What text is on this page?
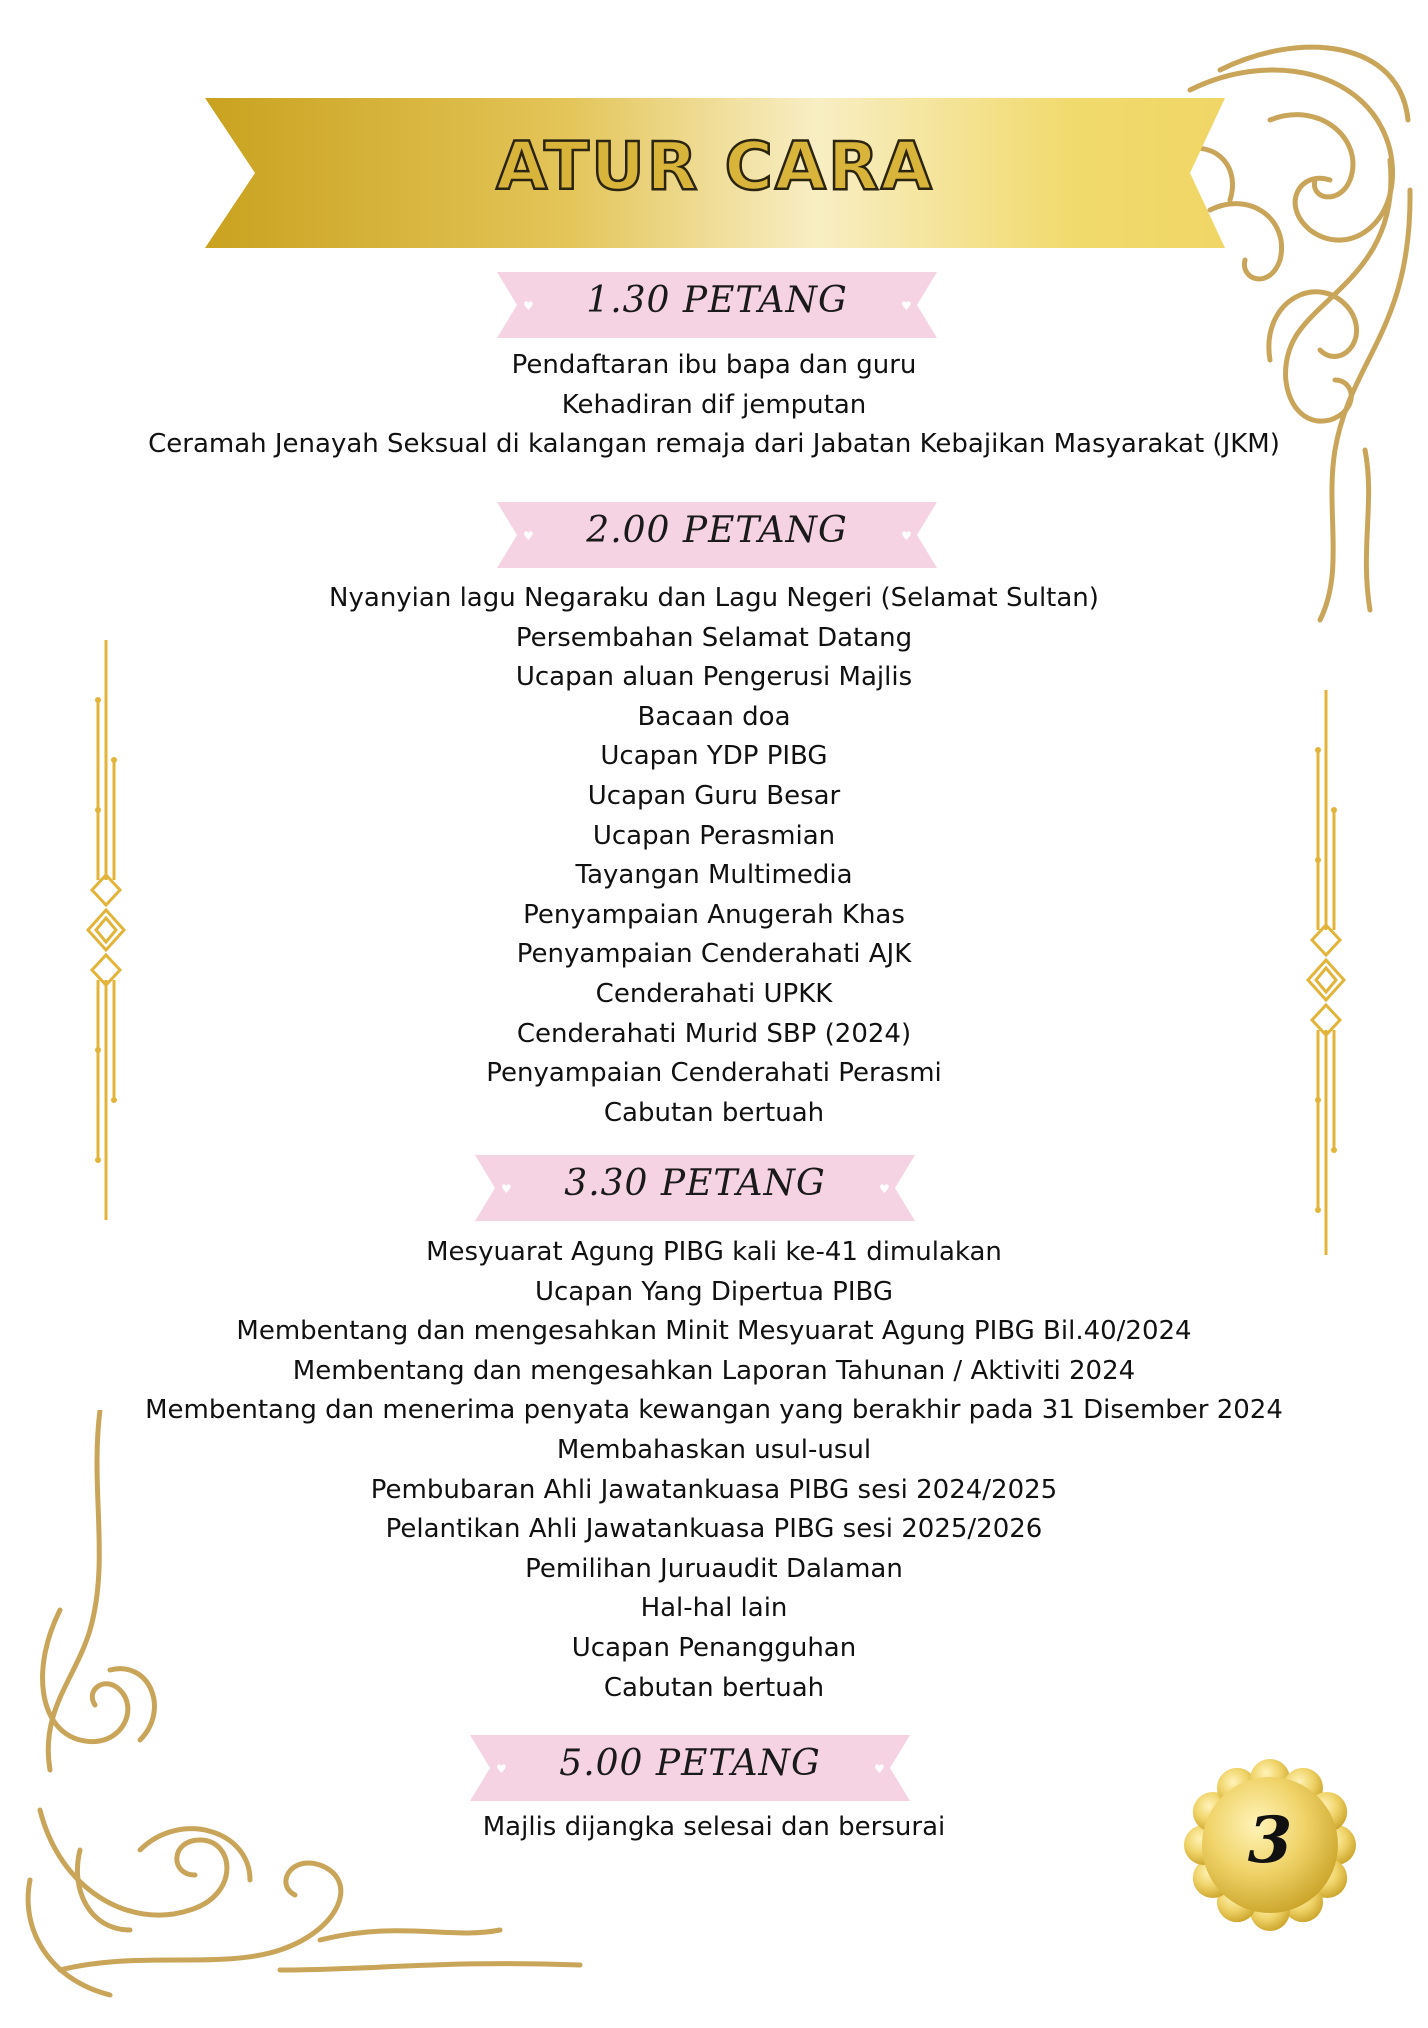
ATUR CARA
♥	♥
1.30 PETANG
Pendaftaran ibu bapa dan guru
Kehadiran dif jemputan
Ceramah Jenayah Seksual di kalangan remaja dari Jabatan Kebajikan Masyarakat (JKM)
♥	♥
2.00 PETANG
Nyanyian lagu Negaraku dan Lagu Negeri (Selamat Sultan)
Persembahan Selamat Datang
Ucapan aluan Pengerusi Majlis
Bacaan doa
Ucapan YDP PIBG
Ucapan Guru Besar
Ucapan Perasmian
Tayangan Multimedia
Penyampaian Anugerah Khas
Penyampaian Cenderahati AJK
Cenderahati UPKK
Cenderahati Murid SBP (2024)
Penyampaian Cenderahati Perasmi
Cabutan bertuah
♥	♥
3.30 PETANG
Mesyuarat Agung PIBG kali ke-41 dimulakan
Ucapan Yang Dipertua PIBG
Membentang dan mengesahkan Minit Mesyuarat Agung PIBG Bil.40/2024
Membentang dan mengesahkan Laporan Tahunan / Aktiviti 2024
Membentang dan menerima penyata kewangan yang berakhir pada 31 Disember 2024
Membahaskan usul-usul
Pembubaran Ahli Jawatankuasa PIBG sesi 2024/2025
Pelantikan Ahli Jawatankuasa PIBG sesi 2025/2026
Pemilihan Juruaudit Dalaman
Hal-hal lain
Ucapan Penangguhan
Cabutan bertuah
♥	♥
5.00 PETANG
Majlis dijangka selesai dan bersurai	3
